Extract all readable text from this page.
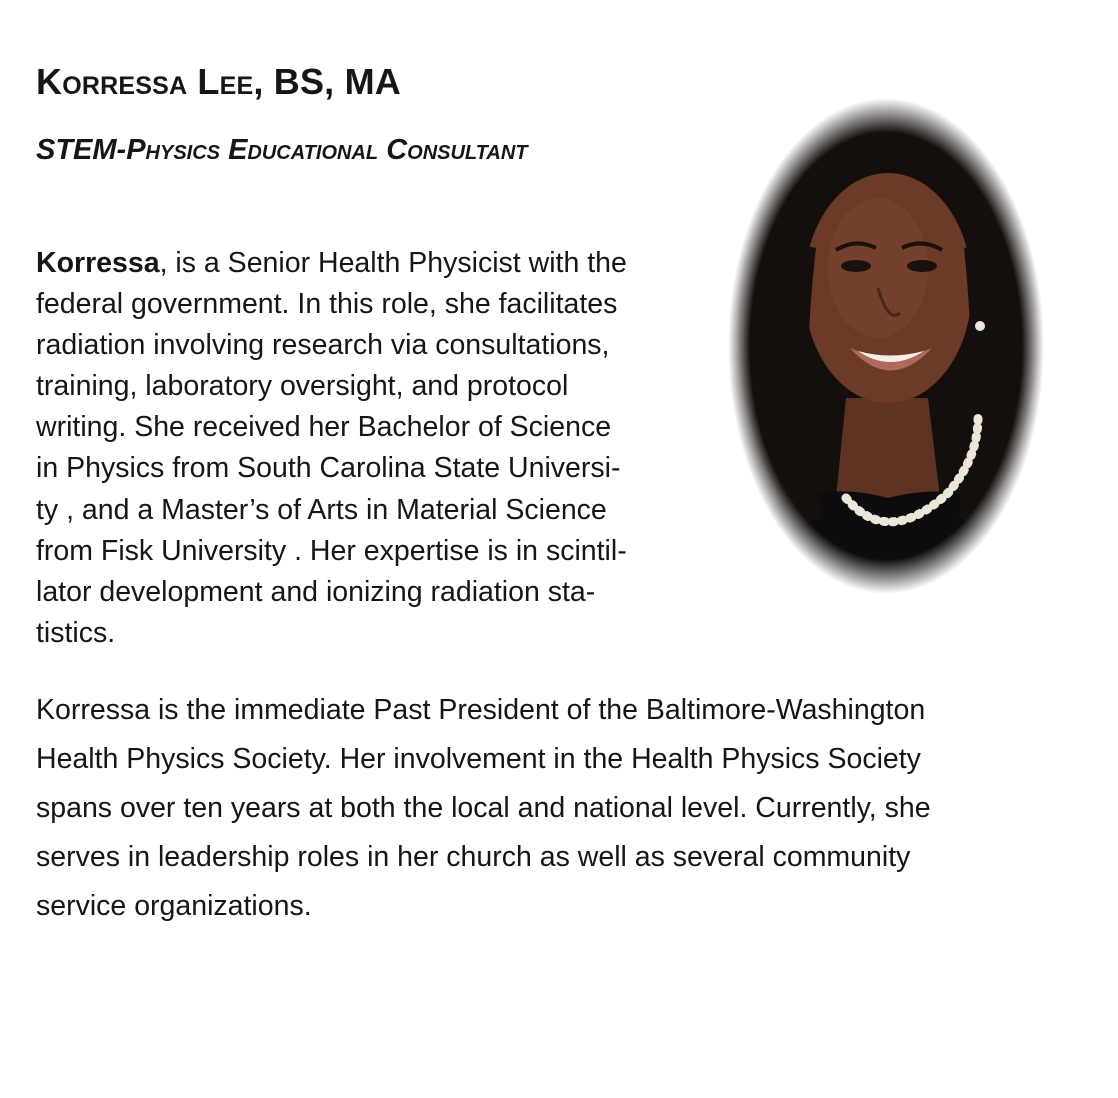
Korressa Lee, BS, MA
STEM-Physics Educational Consultant
Korressa, is a Senior Health Physicist with the
federal government. In this role, she facilitates
radiation involving research via consultations,
training, laboratory oversight, and protocol
writing. She received her Bachelor of Science
in Physics from South Carolina State Universi-
ty , and a Master’s of Arts in Material Science
from Fisk University . Her expertise is in scintil-
lator development and ionizing radiation sta-
tistics.
Korressa is the immediate Past President of the Baltimore-Washington
Health Physics Society. Her involvement in the Health Physics Society
spans over ten years at both the local and national level. Currently, she
serves in leadership roles in her church as well as several community
service organizations.
